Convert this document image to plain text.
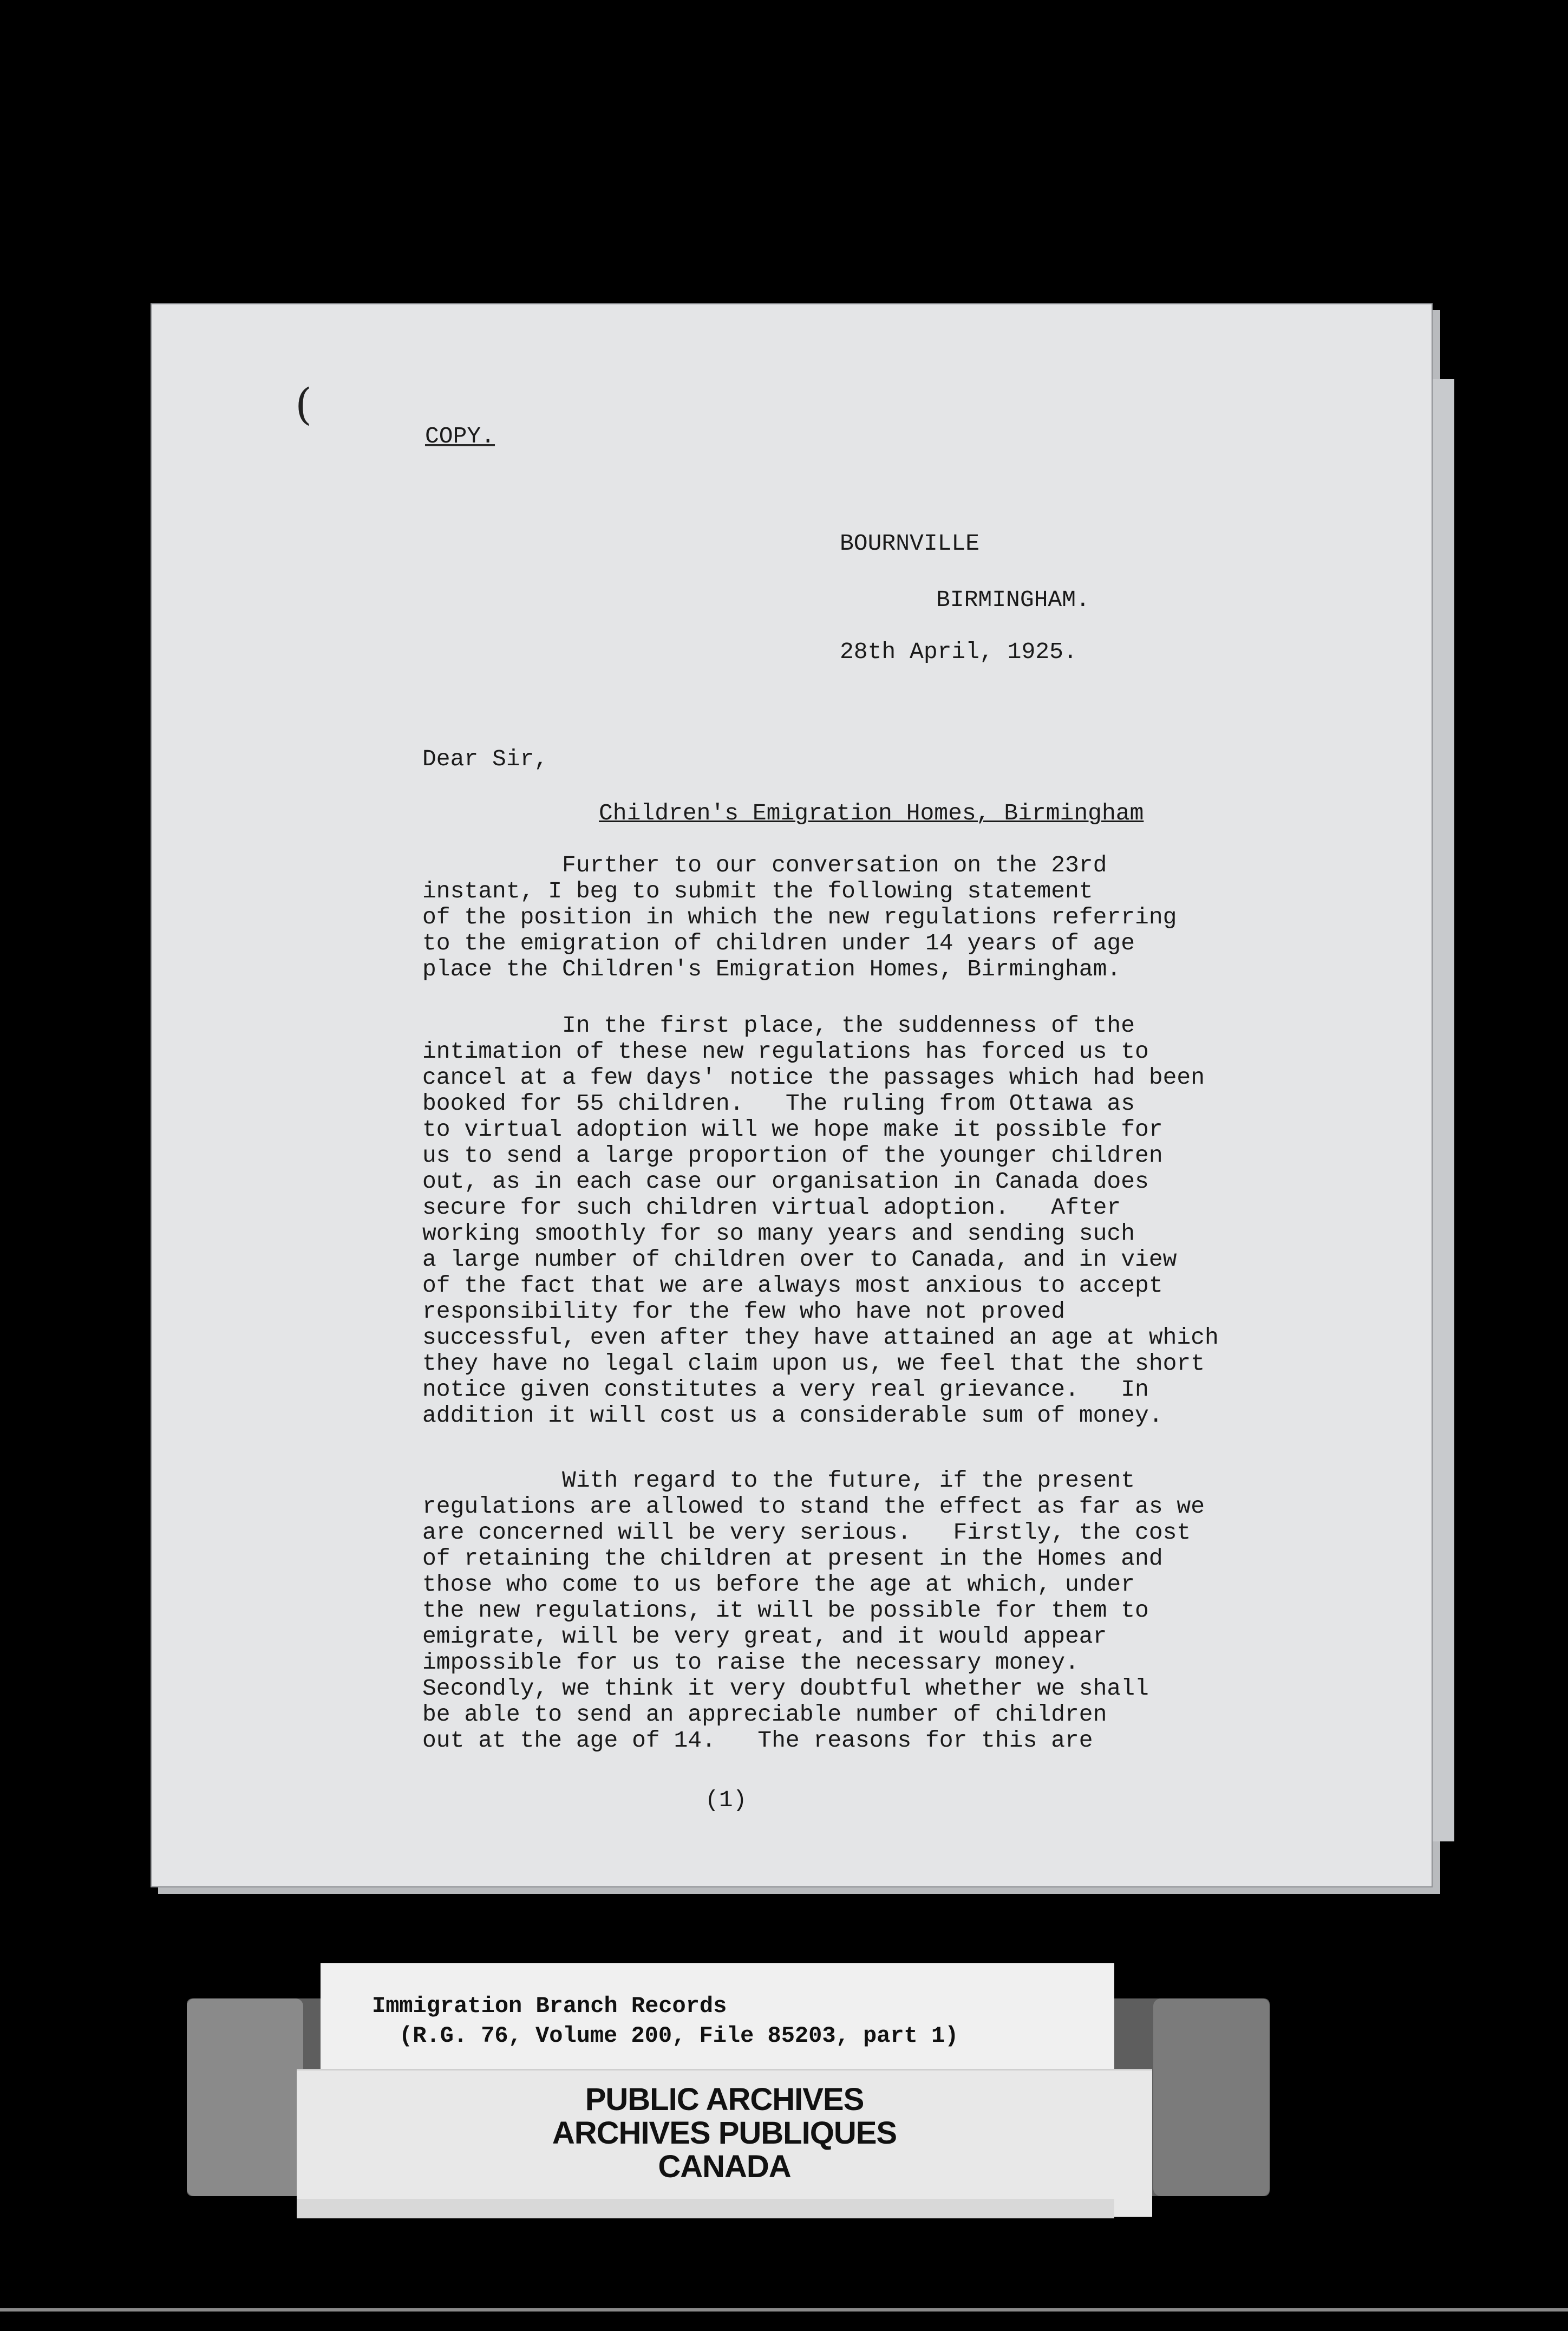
(
COPY.
BOURNVILLE
BIRMINGHAM.
28th April, 1925.
Dear Sir,
Children's Emigration Homes, Birmingham
Further to our conversation on the 23rd
instant, I beg to submit the following statement
of the position in which the new regulations referring
to the emigration of children under 14 years of age
place the Children's Emigration Homes, Birmingham.
In the first place, the suddenness of the
intimation of these new regulations has forced us to
cancel at a few days' notice the passages which had been
booked for 55 children.   The ruling from Ottawa as
to virtual adoption will we hope make it possible for
us to send a large proportion of the younger children
out, as in each case our organisation in Canada does
secure for such children virtual adoption.   After
working smoothly for so many years and sending such
a large number of children over to Canada, and in view
of the fact that we are always most anxious to accept
responsibility for the few who have not proved
successful, even after they have attained an age at which
they have no legal claim upon us, we feel that the short
notice given constitutes a very real grievance.   In
addition it will cost us a considerable sum of money.
With regard to the future, if the present
regulations are allowed to stand the effect as far as we
are concerned will be very serious.   Firstly, the cost
of retaining the children at present in the Homes and
those who come to us before the age at which, under
the new regulations, it will be possible for them to
emigrate, will be very great, and it would appear
impossible for us to raise the necessary money.
Secondly, we think it very doubtful whether we shall
be able to send an appreciable number of children
out at the age of 14.   The reasons for this are
(1)
Immigration Branch Records
(R.G. 76, Volume 200, File 85203, part 1)
PUBLIC ARCHIVES
ARCHIVES PUBLIQUES
CANADA
